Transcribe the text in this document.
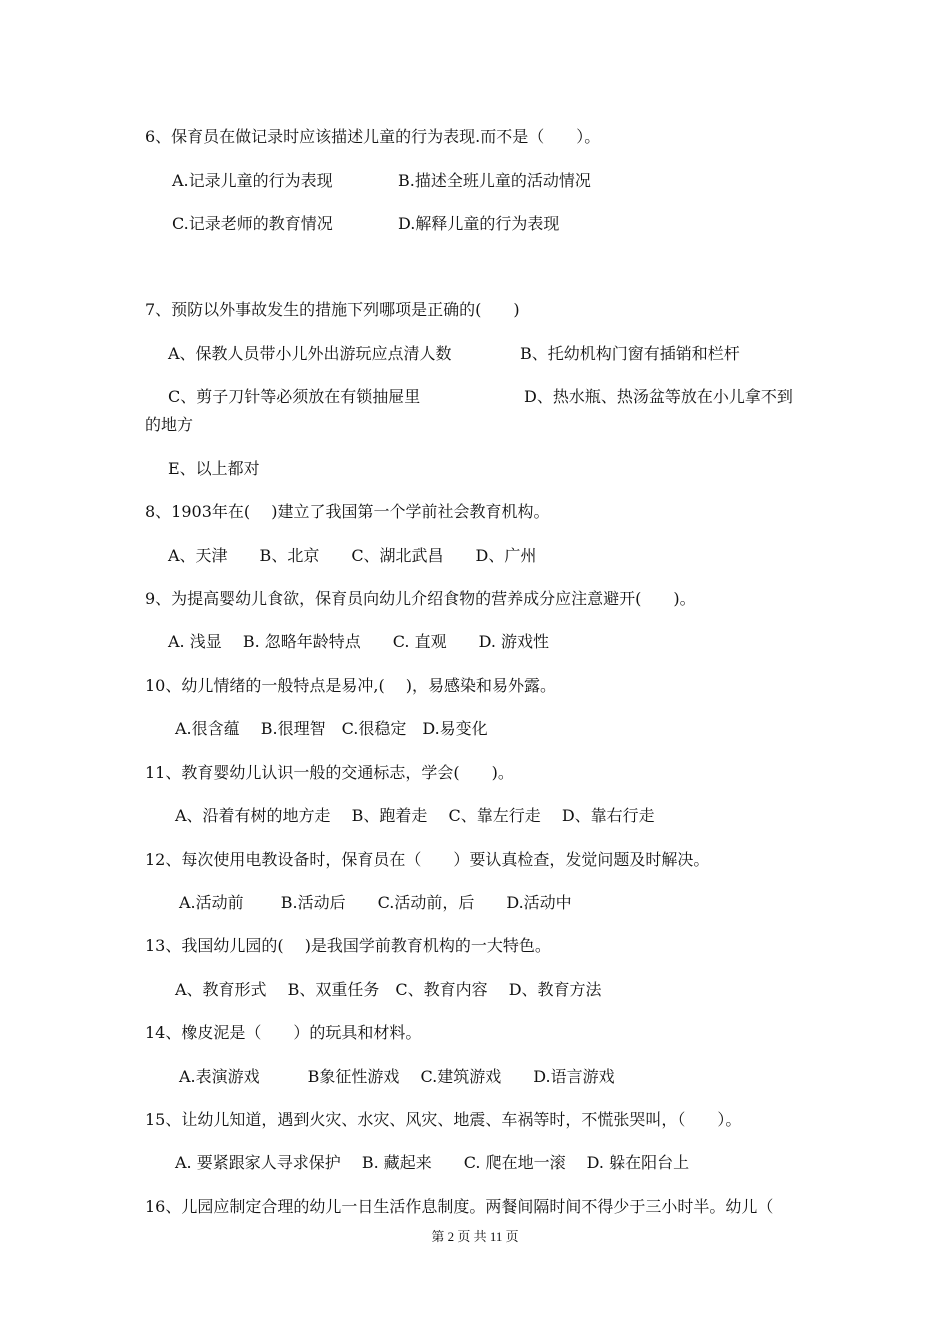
6、保育员在做记录时应该描述儿童的行为表现.而不是（　　）。
A.记录儿童的行为表现	B.描述全班儿童的活动情况
C.记录老师的教育情况	D.解释儿童的行为表现
7、预防以外事故发生的措施下列哪项是正确的(　　)
A、保教人员带小儿外出游玩应点清人数	B、托幼机构门窗有插销和栏杆
C、剪子刀针等必须放在有锁抽屉里	D、热水瓶、热汤盆等放在小儿拿不到
的地方
E、以上都对
8、1903年在(　 )建立了我国第一个学前社会教育机构。
A、天津　　B、北京　　C、湖北武昌　　D、广州
9、为提高婴幼儿食欲，保育员向幼儿介绍食物的营养成分应注意避开(　　)。
A. 浅显　 B. 忽略年龄特点　　C. 直观　　D. 游戏性
10、幼儿情绪的一般特点是易冲,(　 )，易感染和易外露。
A.很含蕴　 B.很理智　C.很稳定　D.易变化
11、教育婴幼儿认识一般的交通标志，学会(　　)。
A、沿着有树的地方走　 B、跑着走　 C、靠左行走　 D、靠右行走
12、每次使用电教设备时，保育员在（　　）要认真检查，发觉问题及时解决。
A.活动前　　 B.活动后　　C.活动前，后　　D.活动中
13、我国幼儿园的(　 )是我国学前教育机构的一大特色。
A、教育形式　 B、双重任务　C、教育内容　 D、教育方法
14、橡皮泥是（　　）的玩具和材料。
A.表演游戏　　　B象征性游戏　 C.建筑游戏　　D.语言游戏
15、让幼儿知道，遇到火灾、水灾、风灾、地震、车祸等时，不慌张哭叫，（　　）。
A. 要紧跟家人寻求保护　 B. 藏起来　　C. 爬在地一滚　 D. 躲在阳台上
16、儿园应制定合理的幼儿一日生活作息制度。两餐间隔时间不得少于三小时半。幼儿（
第 2 页 共 11 页
